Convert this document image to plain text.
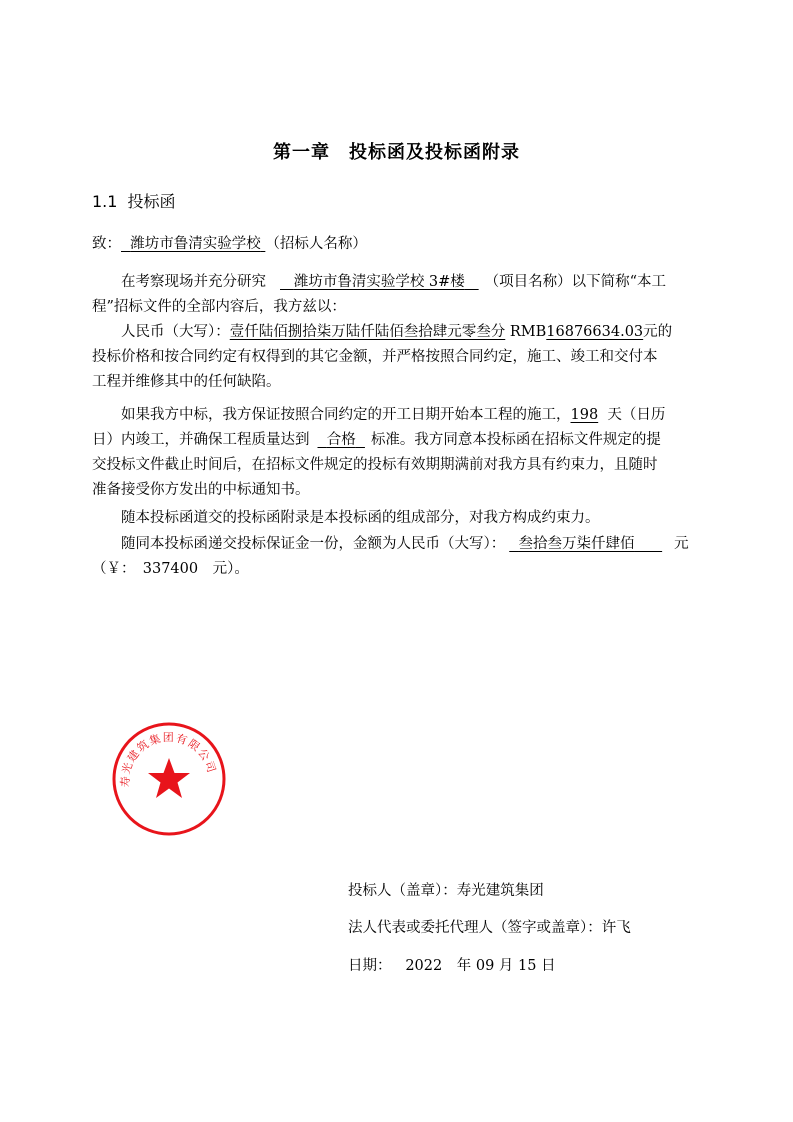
第一章　投标函及投标函附录
1.1 投标函
致： 潍坊市鲁清实验学校 （招标人名称）
在考察现场并充分研究 潍坊市鲁清实验学校 3#楼 （项目名称）以下简称“本工
程”招标文件的全部内容后，我方兹以：
人民币（大写）：壹仟陆佰捌拾柒万陆仟陆佰叁拾肆元零叁分 RMB16876634.03元的
投标价格和按合同约定有权得到的其它金额，并严格按照合同约定，施工、竣工和交付本
工程并维修其中的任何缺陷。
如果我方中标，我方保证按照合同约定的开工日期开始本工程的施工，198 天（日历
日）内竣工，并确保工程质量达到 合格 标准。我方同意本投标函在招标文件规定的提
交投标文件截止时间后，在招标文件规定的投标有效期期满前对我方具有约束力，且随时
准备接受你方发出的中标通知书。
随本投标函道交的投标函附录是本投标函的组成部分，对我方构成约束力。
随同本投标函递交投标保证金一份，金额为人民币（大写）： 叁拾叁万柒仟肆佰	元
（￥：　337400　元）。
寿光建筑集团有限公司
投标人（盖章）：寿光建筑集团
法人代表或委托代理人（签字或盖章）：许飞
日期： 2022　年 09 月 15 日
